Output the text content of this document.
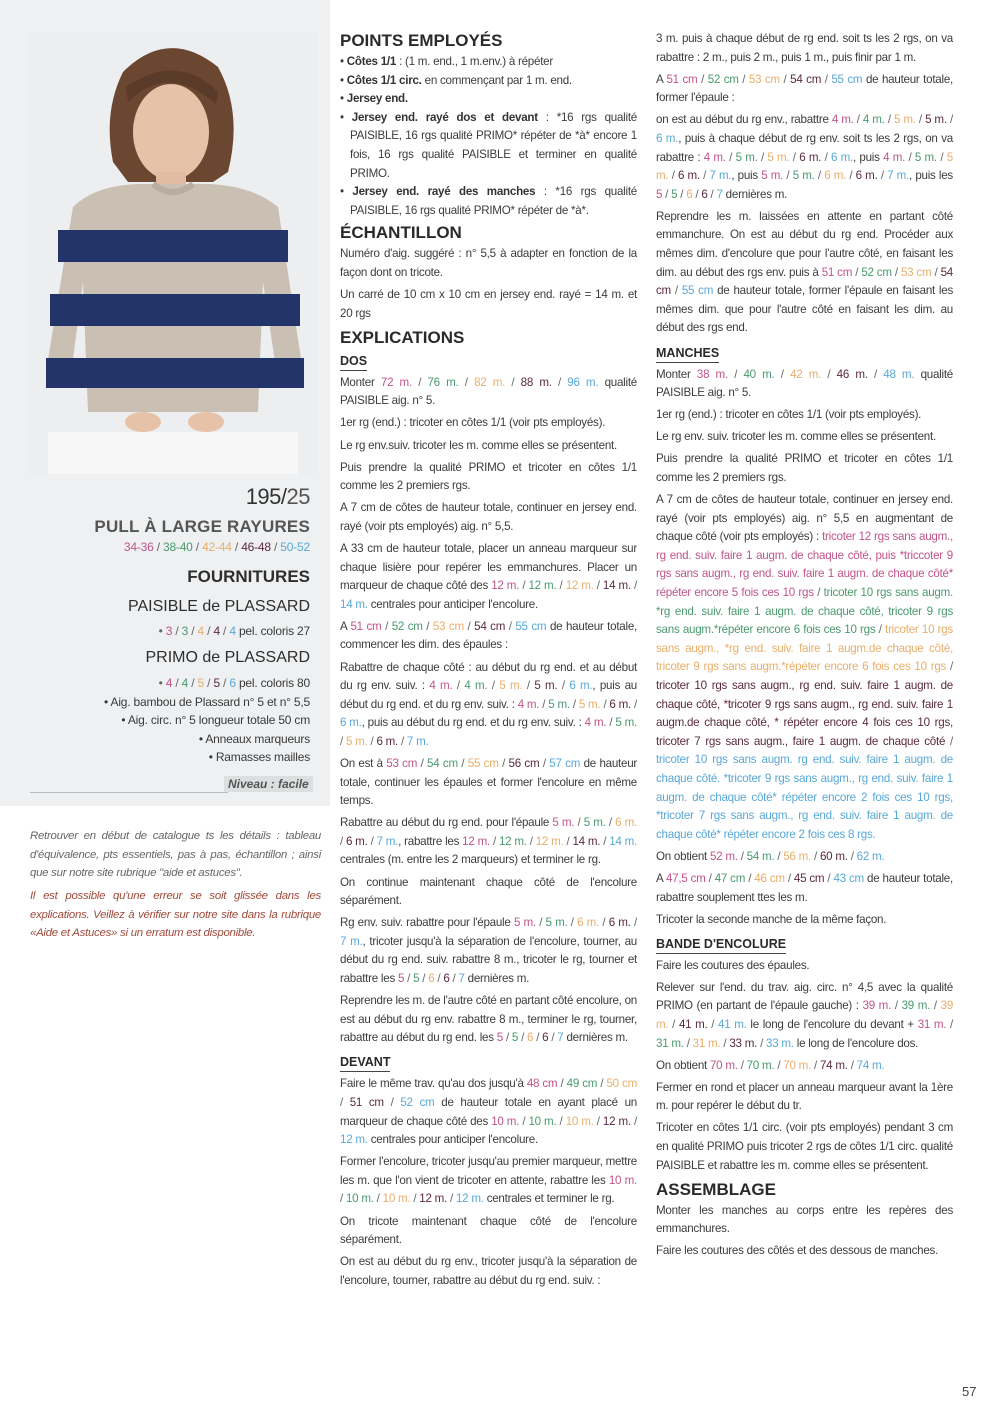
195/25
PULL À LARGE RAYURES
34-36 / 38-40 / 42-44 / 46-48 / 50-52
FOURNITURES
PAISIBLE de PLASSARD
• 3 / 3 / 4 / 4 / 4 pel. coloris 27
PRIMO de PLASSARD
• 4 / 4 / 5 / 5 / 6 pel. coloris 80
• Aig. bambou de Plassard n° 5 et n° 5,5
• Aig. circ. n° 5 longueur totale 50 cm
• Anneaux marqueurs
• Ramasses mailles
Niveau : facile
Retrouver en début de catalogue ts les détails : tableau d'équivalence, pts essentiels, pas à pas, échantillon ; ainsi que sur notre site rubrique "aide et astuces".
Il est possible qu'une erreur se soit glissée dans les explications. Veillez à vérifier sur notre site dans la rubrique «Aide et Astuces» si un erratum est disponible.
POINTS EMPLOYÉS

• Côtes 1/1 : (1 m. end., 1 m.env.) à répéter

• Côtes 1/1 circ. en commençant par 1 m. end.

• Jersey end.

• Jersey end. rayé dos et devant : *16 rgs qualité PAISIBLE, 16 rgs qualité PRIMO* répéter de *à* encore 1 fois, 16 rgs qualité PAISIBLE et terminer en qualité PRIMO.

• Jersey end. rayé des manches : *16 rgs qualité PAISIBLE, 16 rgs qualité PRIMO* répéter de *à*.

ÉCHANTILLON

Numéro d'aig. suggéré : n° 5,5 à adapter en fonction de la façon dont on tricote.

Un carré de 10 cm x 10 cm en jersey end. rayé = 14 m. et 20 rgs

EXPLICATIONS
DOS

Monter 72 m. / 76 m. / 82 m. / 88 m. / 96 m. qualité PAISIBLE aig. n° 5.

1er rg (end.) : tricoter en côtes 1/1 (voir pts employés).

Le rg env.suiv. tricoter les m. comme elles se présentent.

Puis prendre la qualité PRIMO et tricoter en côtes 1/1 comme les 2 premiers rgs.

A 7 cm de côtes de hauteur totale, continuer en jersey end. rayé (voir pts employés) aig. n° 5,5.

A 33 cm de hauteur totale, placer un anneau marqueur sur chaque lisière pour repérer les emmanchures. Placer un marqueur de chaque côté des 12 m. / 12 m. / 12 m. / 14 m. / 14 m. centrales pour anticiper l'encolure.

A 51 cm / 52 cm / 53 cm / 54 cm / 55 cm de hauteur totale, commencer les dim. des épaules :

Rabattre de chaque côté : au début du rg end. et au début du rg env. suiv. : 4 m. / 4 m. / 5 m. / 5 m. / 6 m., puis au début du rg end. et du rg env. suiv. : 4 m. / 5 m. / 5 m. / 6 m. / 6 m., puis au début du rg end. et du rg env. suiv. : 4 m. / 5 m. / 5 m. / 6 m. / 7 m.

On est à 53 cm / 54 cm / 55 cm / 56 cm / 57 cm de hauteur totale, continuer les épaules et former l'encolure en même temps.

Rabattre au début du rg end. pour l'épaule 5 m. / 5 m. / 6 m. / 6 m. / 7 m., rabattre les 12 m. / 12 m. / 12 m. / 14 m. / 14 m. centrales (m. entre les 2 marqueurs) et terminer le rg.

On continue maintenant chaque côté de l'encolure séparément.

Rg env. suiv. rabattre pour l'épaule 5 m. / 5 m. / 6 m. / 6 m. / 7 m., tricoter jusqu'à la séparation de l'encolure, tourner, au début du rg end. suiv. rabattre 8 m., tricoter le rg, tourner et rabattre les 5 / 5 / 6 / 6 / 7 dernières m.

Reprendre les m. de l'autre côté en partant côté encolure, on est au début du rg env. rabattre 8 m., terminer le rg, tourner, rabattre au début du rg end. les 5 / 5 / 6 / 6 / 7 dernières m.

DEVANT

Faire le même trav. qu'au dos jusqu'à 48 cm / 49 cm / 50 cm / 51 cm / 52 cm de hauteur totale en ayant placé un marqueur de chaque côté des 10 m. / 10 m. / 10 m. / 12 m. / 12 m. centrales pour anticiper l'encolure.

Former l'encolure, tricoter jusqu'au premier marqueur, mettre les m. que l'on vient de tricoter en attente, rabattre les 10 m. / 10 m. / 10 m. / 12 m. / 12 m. centrales et terminer le rg.

On tricote maintenant chaque côté de l'encolure séparément.

On est au début du rg env., tricoter jusqu'à la séparation de l'encolure, tourner, rabattre au début du rg end. suiv. :

3 m. puis à chaque début de rg end. soit ts les 2 rgs, on va rabattre : 2 m., puis 2 m., puis 1 m., puis finir par 1 m.

A 51 cm / 52 cm / 53 cm / 54 cm / 55 cm de hauteur totale, former l'épaule :

on est au début du rg env., rabattre 4 m. / 4 m. / 5 m. / 5 m. / 6 m., puis à chaque début de rg env. soit ts les 2 rgs, on va rabattre : 4 m. / 5 m. / 5 m. / 6 m. / 6 m., puis 4 m. / 5 m. / 5 m. / 6 m. / 7 m., puis 5 m. / 5 m. / 6 m. / 6 m. / 7 m., puis les 5 / 5 / 6 / 6 / 7 dernières m.

Reprendre les m. laissées en attente en partant côté emmanchure. On est au début du rg end. Procéder aux mêmes dim. d'encolure que pour l'autre côté, en faisant les dim. au début des rgs env. puis à 51 cm / 52 cm / 53 cm / 54 cm / 55 cm de hauteur totale, former l'épaule en faisant les mêmes dim. que pour l'autre côté en faisant les dim. au début des rgs end.

MANCHES

Monter 38 m. / 40 m. / 42 m. / 46 m. / 48 m. qualité PAISIBLE aig. n° 5.

1er rg (end.) : tricoter en côtes 1/1 (voir pts employés).

Le rg env. suiv. tricoter les m. comme elles se présentent.

Puis prendre la qualité PRIMO et tricoter en côtes 1/1 comme les 2 premiers rgs.

A 7 cm de côtes de hauteur totale, continuer en jersey end. rayé (voir pts employés) aig. n° 5,5 en augmentant de chaque côté (voir pts employés) : tricoter 12 rgs sans augm., rg end. suiv. faire 1 augm. de chaque côté, puis *triccoter 9 rgs sans augm., rg end. suiv. faire 1 augm. de chaque côté* répéter encore 5 fois ces 10 rgs / tricoter 10 rgs sans augm. *rg end. suiv. faire 1 augm. de chaque côté, tricoter 9 rgs sans augm.*répéter encore 6 fois ces 10 rgs / tricoter 10 rgs sans augm., *rg end. suiv. faire 1 augm.de chaque côté, tricoter 9 rgs sans augm.*répéter encore 6 fois ces 10 rgs / tricoter 10 rgs sans augm., rg end. suiv. faire 1 augm. de chaque côté, *tricoter 9 rgs sans augm., rg end. suiv. faire 1 augm.de chaque côté, * répéter encore 4 fois ces 10 rgs, tricoter 7 rgs sans augm., faire 1 augm. de chaque côté / tricoter 10 rgs sans augm. rg end. suiv. faire 1 augm. de chaque côté. *tricoter 9 rgs sans augm., rg end. suiv. faire 1 augm. de chaque côté* répéter encore 2 fois ces 10 rgs, *tricoter 7 rgs sans augm., rg end. suiv. faire 1 augm. de chaque côté* répéter encore 2 fois ces 8 rgs.

On obtient 52 m. / 54 m. / 56 m. / 60 m. / 62 m.

A 47,5 cm / 47 cm / 46 cm / 45 cm / 43 cm de hauteur totale, rabattre souplement ttes les m.

Tricoter la seconde manche de la même façon.

BANDE D'ENCOLURE

Faire les coutures des épaules.

Relever sur l'end. du trav. aig. circ. n° 4,5 avec la qualité PRIMO (en partant de l'épaule gauche) : 39 m. / 39 m. / 39 m. / 41 m. / 41 m. le long de l'encolure du devant + 31 m. / 31 m. / 31 m. / 33 m. / 33 m. le long de l'encolure dos.

On obtient 70 m. / 70 m. / 70 m. / 74 m. / 74 m.

Fermer en rond et placer un anneau marqueur avant la 1ère m. pour repérer le début du tr.

Tricoter en côtes 1/1 circ. (voir pts employés) pendant 3 cm en qualité PRIMO puis tricoter 2 rgs de côtes 1/1 circ. qualité PAISIBLE et rabattre les m. comme elles se présentent.

ASSEMBLAGE

Monter les manches au corps entre les repères des emmanchures.

Faire les coutures des côtés et des dessous de manches.

57
